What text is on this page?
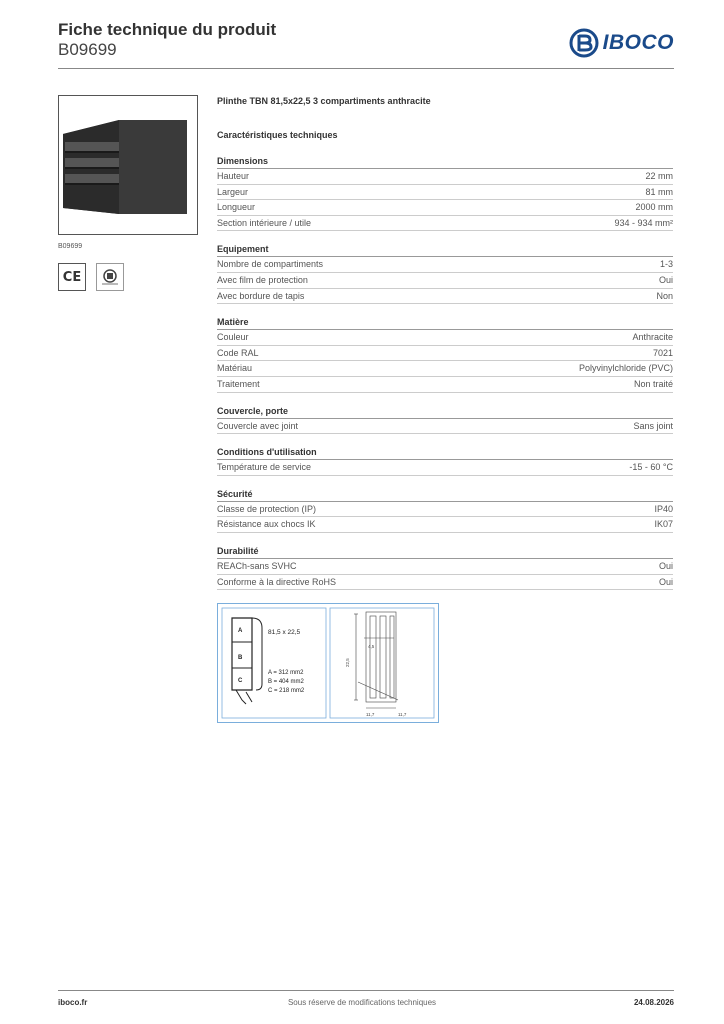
Fiche technique du produit
B09699	IBOCO
B09699
CE
Plinthe TBN 81,5x22,5 3 compartiments anthracite
Caractéristiques techniques
Dimensions
Hauteur	22 mm
Largeur	81 mm
Longueur	2000 mm
Section intérieure / utile	934 - 934 mm²
Equipement
Nombre de compartiments	1-3
Avec film de protection	Oui
Avec bordure de tapis	Non
Matière
Couleur	Anthracite
Code RAL	7021
Matériau	Polyvinylchloride (PVC)
Traitement	Non traité
Couvercle, porte
Couvercle avec joint	Sans joint
Conditions d'utilisation
Température de service	-15 - 60 °C
Sécurité
Classe de protection (IP)	IP40
Résistance aux chocs IK	IK07
Durabilité
REACh-sans SVHC	Oui
Conforme à la directive RoHS	Oui
A
B
C
81,5 x 22,5
A = 312 mm2
B = 404 mm2
C = 218 mm2
11,7	11,7
4,5
22,5
iboco.fr	Sous réserve de modifications techniques	24.08.2026
